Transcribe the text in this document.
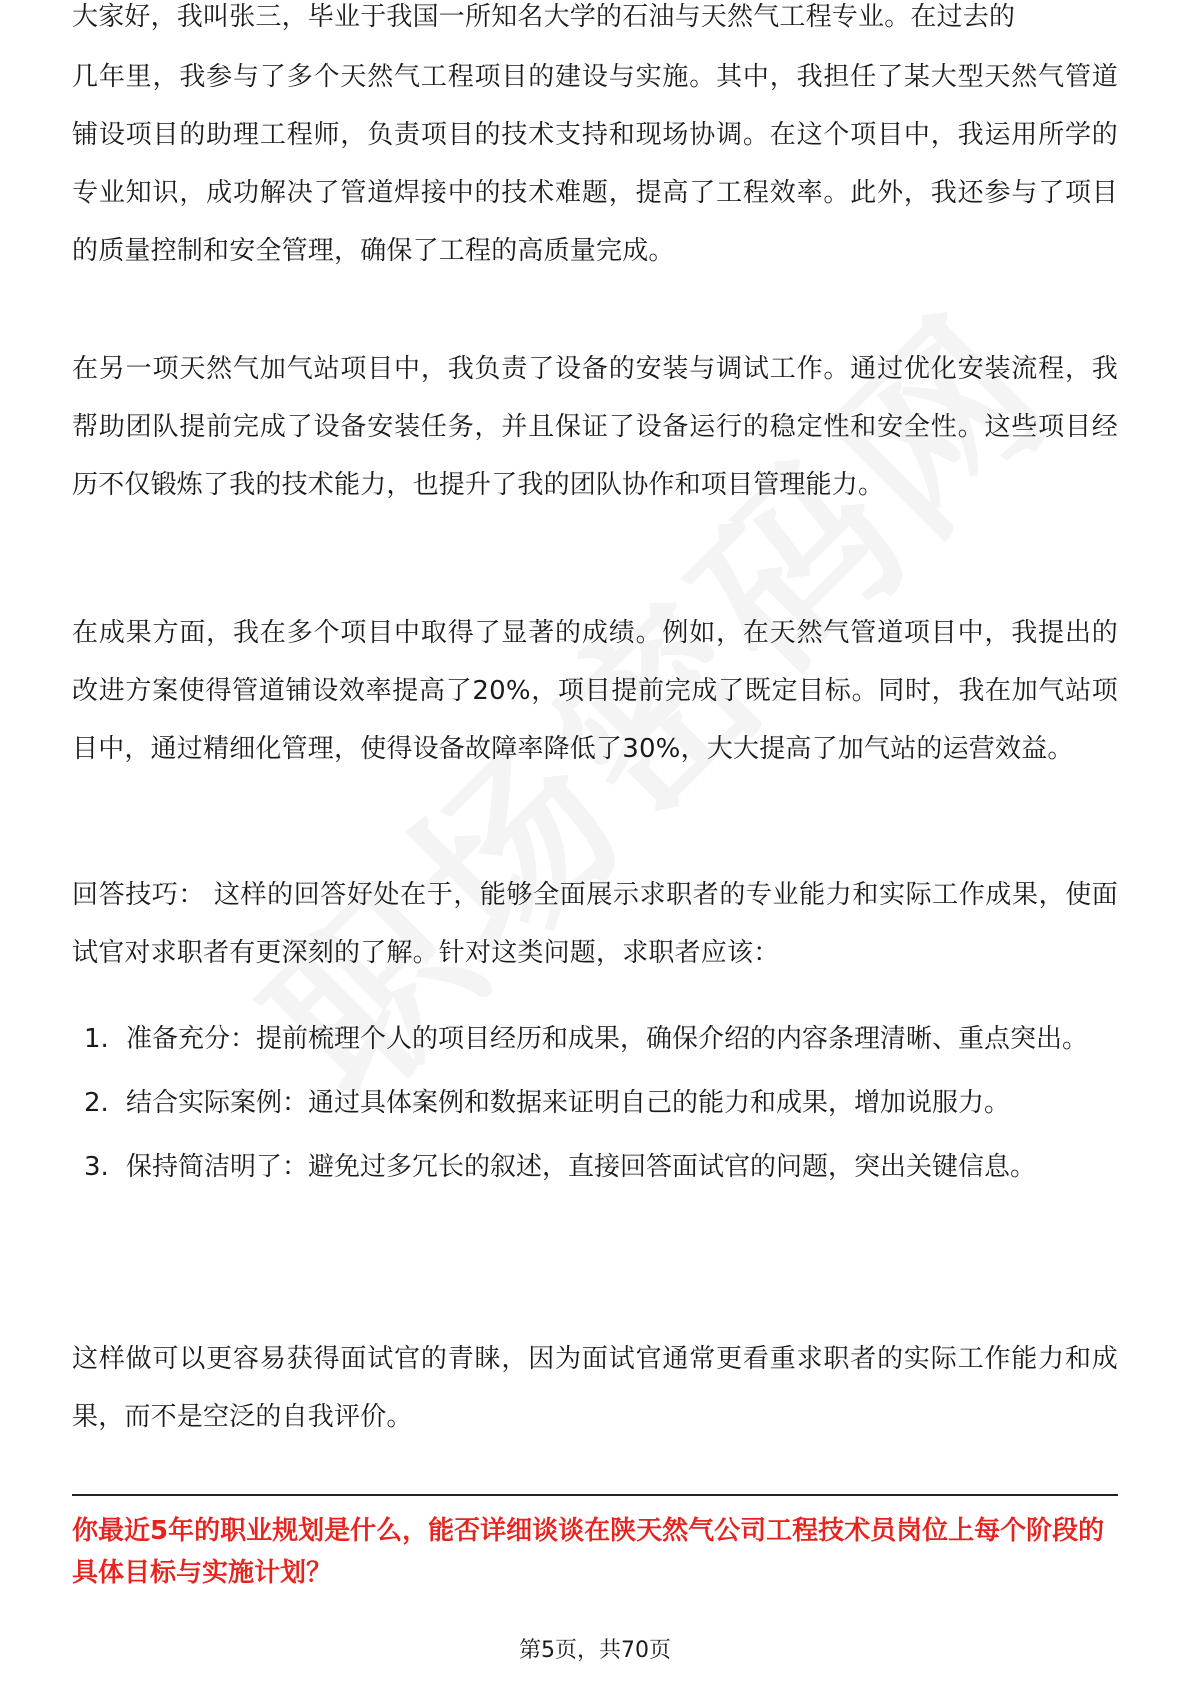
大家好，我叫张三，毕业于我国一所知名大学的石油与天然气工程专业。在过去的

几年里，我参与了多个天然气工程项目的建设与实施。其中，我担任了某大型天然气管道铺设项目的助理工程师，负责项目的技术支持和现场协调。在这个项目中，我运用所学的专业知识，成功解决了管道焊接中的技术难题，提高了工程效率。此外，我还参与了项目的质量控制和安全管理，确保了工程的高质量完成。

在另一项天然气加气站项目中，我负责了设备的安装与调试工作。通过优化安装流程，我帮助团队提前完成了设备安装任务，并且保证了设备运行的稳定性和安全性。这些项目经历不仅锻炼了我的技术能力，也提升了我的团队协作和项目管理能力。

在成果方面，我在多个项目中取得了显著的成绩。例如，在天然气管道项目中，我提出的改进方案使得管道铺设效率提高了20%，项目提前完成了既定目标。同时，我在加气站项目中，通过精细化管理，使得设备故障率降低了30%，大大提高了加气站的运营效益。

回答技巧： 这样的回答好处在于，能够全面展示求职者的专业能力和实际工作成果，使面试官对求职者有更深刻的了解。针对这类问题，求职者应该：

1. 准备充分：提前梳理个人的项目经历和成果，确保介绍的内容条理清晰、重点突出。
2. 结合实际案例：通过具体案例和数据来证明自己的能力和成果，增加说服力。
3. 保持简洁明了：避免过多冗长的叙述，直接回答面试官的问题，突出关键信息。

这样做可以更容易获得面试官的青睐，因为面试官通常更看重求职者的实际工作能力和成果，而不是空泛的自我评价。

你最近5年的职业规划是什么，能否详细谈谈在陕天然气公司工程技术员岗位上每个阶段的具体目标与实施计划？

第5页，共70页
